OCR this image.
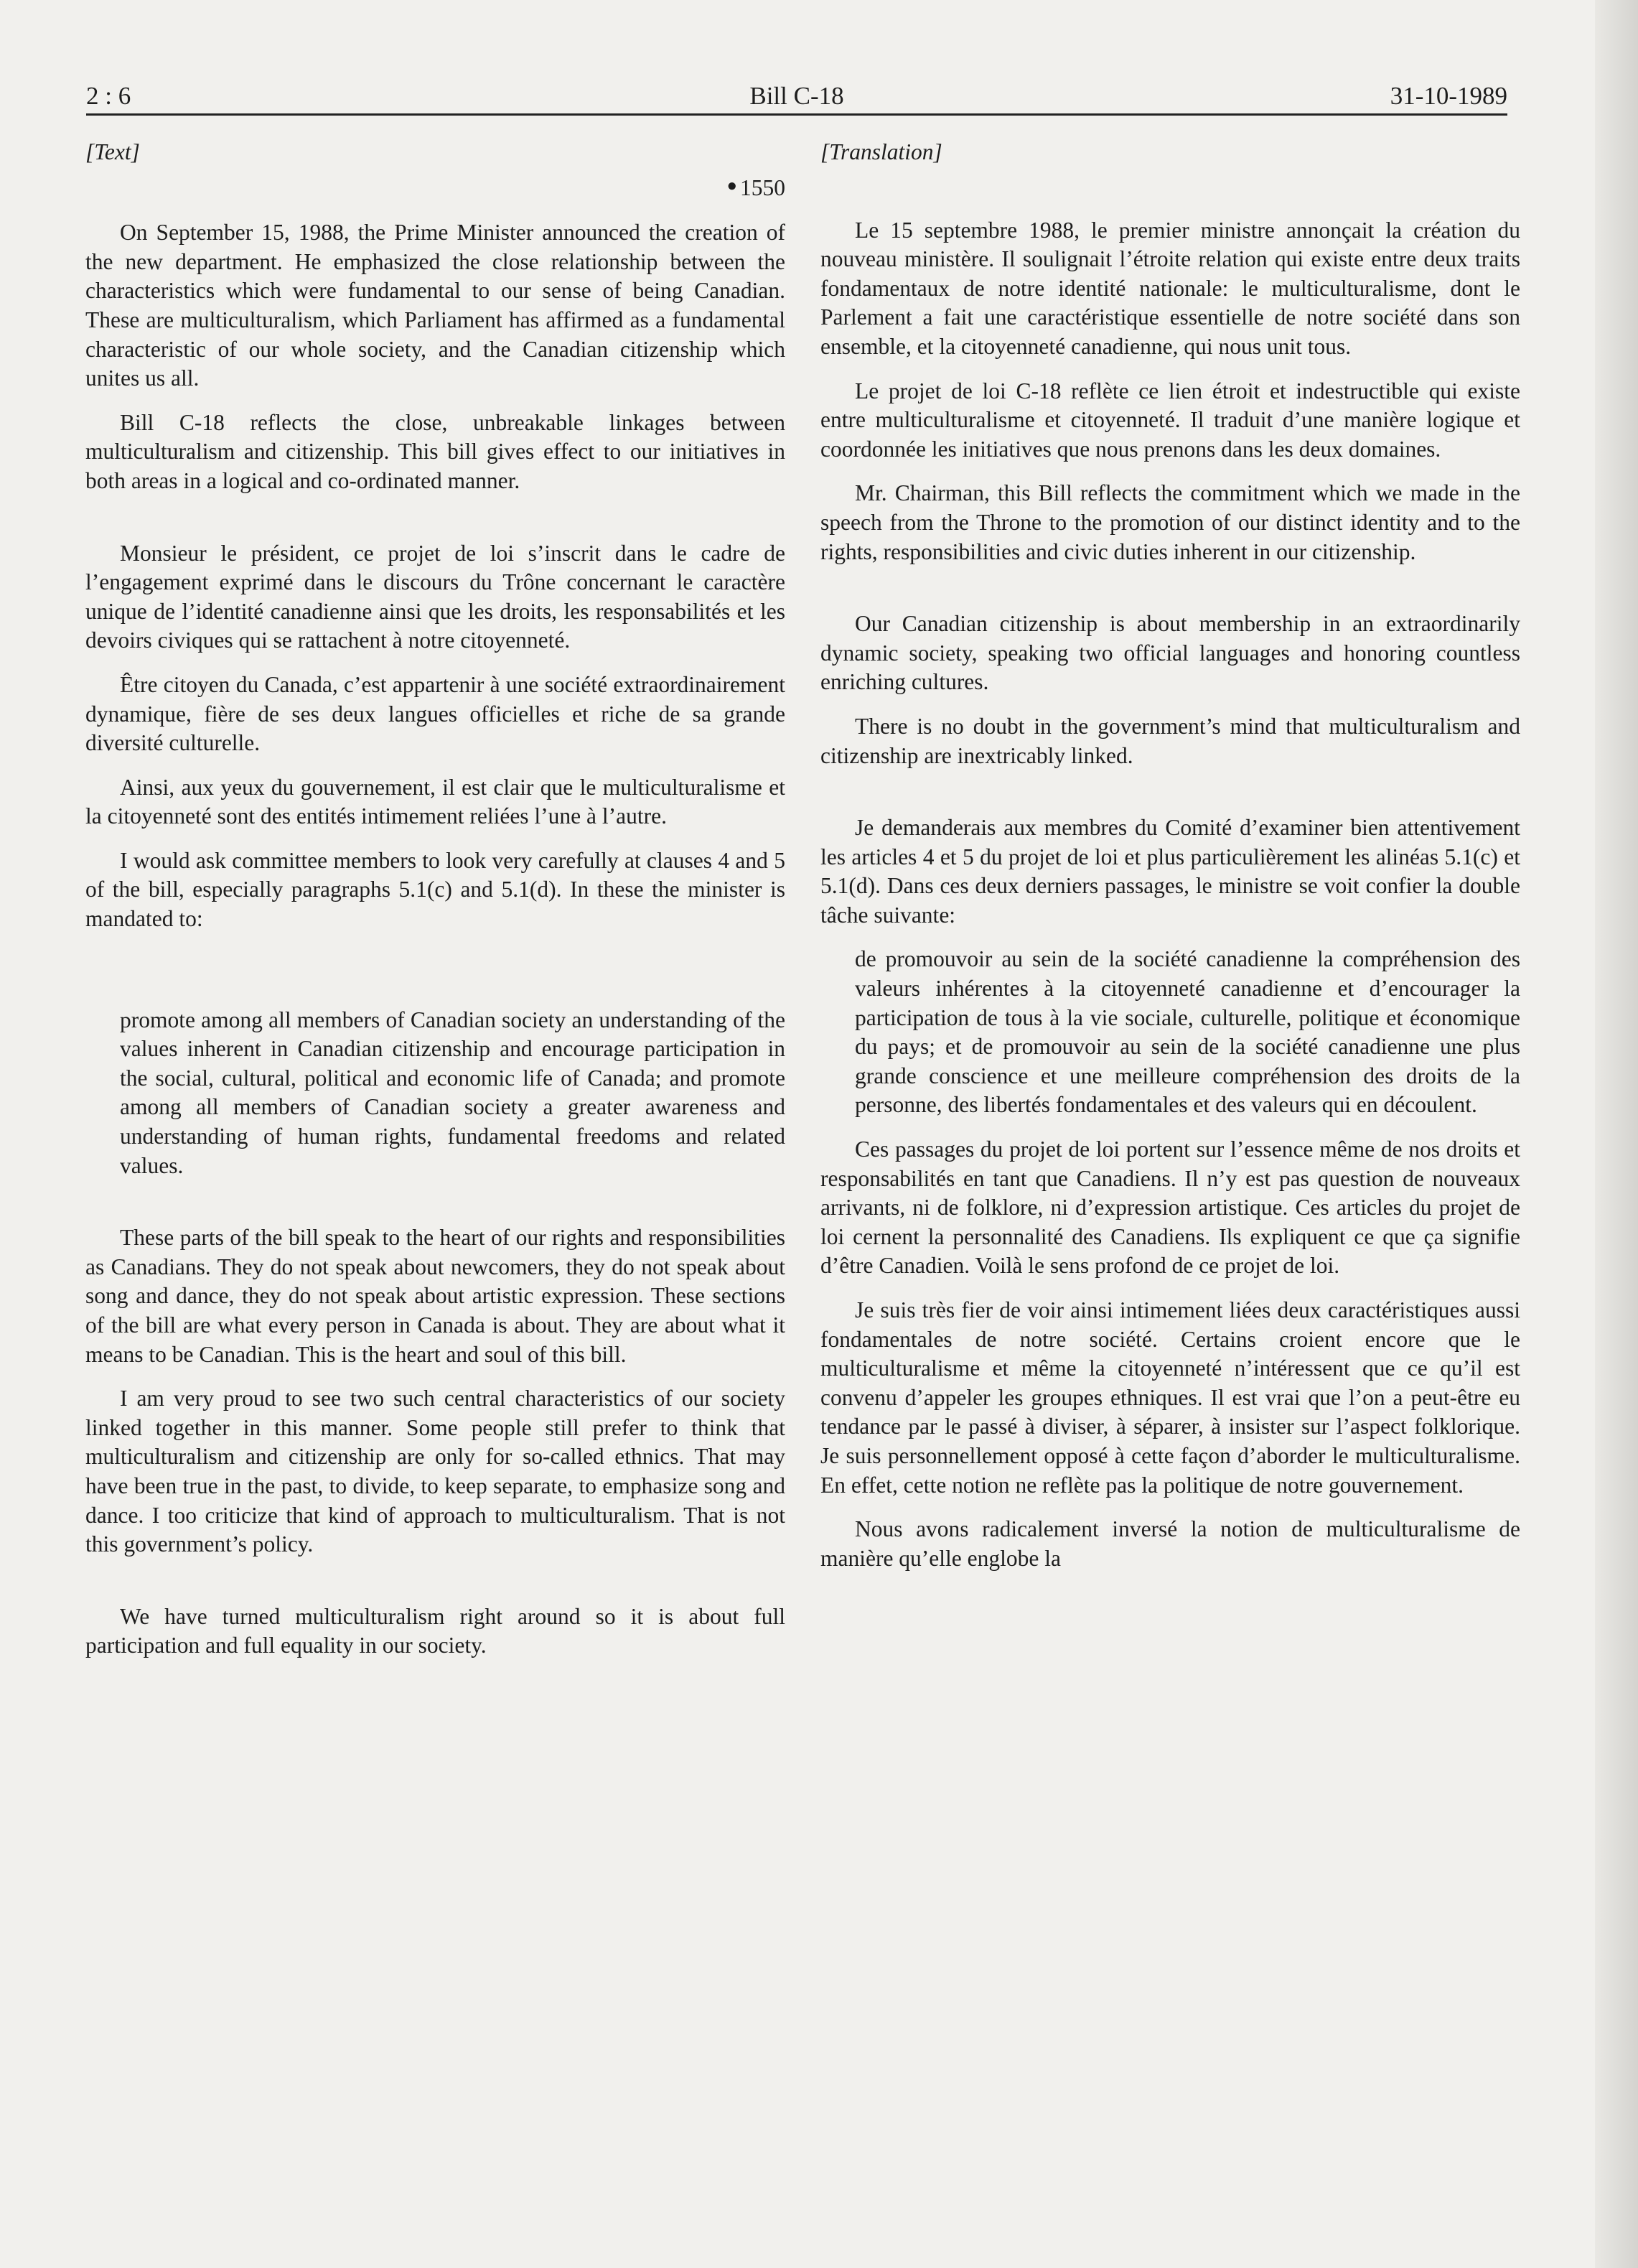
2 : 6	Bill C-18	31-10-1989
[Text]
● 1550

On September 15, 1988, the Prime Minister announced the creation of the new department. He emphasized the close relationship between the characteristics which were fundamental to our sense of being Canadian. These are multiculturalism, which Parliament has affirmed as a fundamental characteristic of our whole society, and the Canadian citizenship which unites us all.

Bill C-18 reflects the close, unbreakable linkages between multiculturalism and citizenship. This bill gives effect to our initiatives in both areas in a logical and co-ordinated manner.

Monsieur le président, ce projet de loi s’inscrit dans le cadre de l’engagement exprimé dans le discours du Trône concernant le caractère unique de l’identité canadienne ainsi que les droits, les responsabilités et les devoirs civiques qui se rattachent à notre citoyenneté.

Être citoyen du Canada, c’est appartenir à une société extraordinairement dynamique, fière de ses deux langues officielles et riche de sa grande diversité culturelle.

Ainsi, aux yeux du gouvernement, il est clair que le multiculturalisme et la citoyenneté sont des entités intimement reliées l’une à l’autre.

I would ask committee members to look very carefully at clauses 4 and 5 of the bill, especially paragraphs 5.1(c) and 5.1(d). In these the minister is mandated to:

promote among all members of Canadian society an understanding of the values inherent in Canadian citizenship and encourage participation in the social, cultural, political and economic life of Canada; and promote among all members of Canadian society a greater awareness and understanding of human rights, fundamental freedoms and related values.

These parts of the bill speak to the heart of our rights and responsibilities as Canadians. They do not speak about newcomers, they do not speak about song and dance, they do not speak about artistic expression. These sections of the bill are what every person in Canada is about. They are about what it means to be Canadian. This is the heart and soul of this bill.

I am very proud to see two such central characteristics of our society linked together in this manner. Some people still prefer to think that multiculturalism and citizenship are only for so-called ethnics. That may have been true in the past, to divide, to keep separate, to emphasize song and dance. I too criticize that kind of approach to multiculturalism. That is not this government’s policy.

We have turned multiculturalism right around so it is about full participation and full equality in our society.

[Translation]

Le 15 septembre 1988, le premier ministre annonçait la création du nouveau ministère. Il soulignait l’étroite relation qui existe entre deux traits fondamentaux de notre identité nationale: le multiculturalisme, dont le Parlement a fait une caractéristique essentielle de notre société dans son ensemble, et la citoyenneté canadienne, qui nous unit tous.

Le projet de loi C-18 reflète ce lien étroit et indestructible qui existe entre multiculturalisme et citoyenneté. Il traduit d’une manière logique et coordonnée les initiatives que nous prenons dans les deux domaines.

Mr. Chairman, this Bill reflects the commitment which we made in the speech from the Throne to the promotion of our distinct identity and to the rights, responsibilities and civic duties inherent in our citizenship.

Our Canadian citizenship is about membership in an extraordinarily dynamic society, speaking two official languages and honoring countless enriching cultures.

There is no doubt in the government’s mind that multiculturalism and citizenship are inextricably linked.

Je demanderais aux membres du Comité d’examiner bien attentivement les articles 4 et 5 du projet de loi et plus particulièrement les alinéas 5.1(c) et 5.1(d). Dans ces deux derniers passages, le ministre se voit confier la double tâche suivante:

de promouvoir au sein de la société canadienne la compréhension des valeurs inhérentes à la citoyenneté canadienne et d’encourager la participation de tous à la vie sociale, culturelle, politique et économique du pays; et de promouvoir au sein de la société canadienne une plus grande conscience et une meilleure compréhension des droits de la personne, des libertés fondamentales et des valeurs qui en découlent.

Ces passages du projet de loi portent sur l’essence même de nos droits et responsabilités en tant que Canadiens. Il n’y est pas question de nouveaux arrivants, ni de folklore, ni d’expression artistique. Ces articles du projet de loi cernent la personnalité des Canadiens. Ils expliquent ce que ça signifie d’être Canadien. Voilà le sens profond de ce projet de loi.

Je suis très fier de voir ainsi intimement liées deux caractéristiques aussi fondamentales de notre société. Certains croient encore que le multiculturalisme et même la citoyenneté n’intéressent que ce qu’il est convenu d’appeler les groupes ethniques. Il est vrai que l’on a peut-être eu tendance par le passé à diviser, à séparer, à insister sur l’aspect folklorique. Je suis personnellement opposé à cette façon d’aborder le multiculturalisme. En effet, cette notion ne reflète pas la politique de notre gouvernement.

Nous avons radicalement inversé la notion de multiculturalisme de manière qu’elle englobe la
